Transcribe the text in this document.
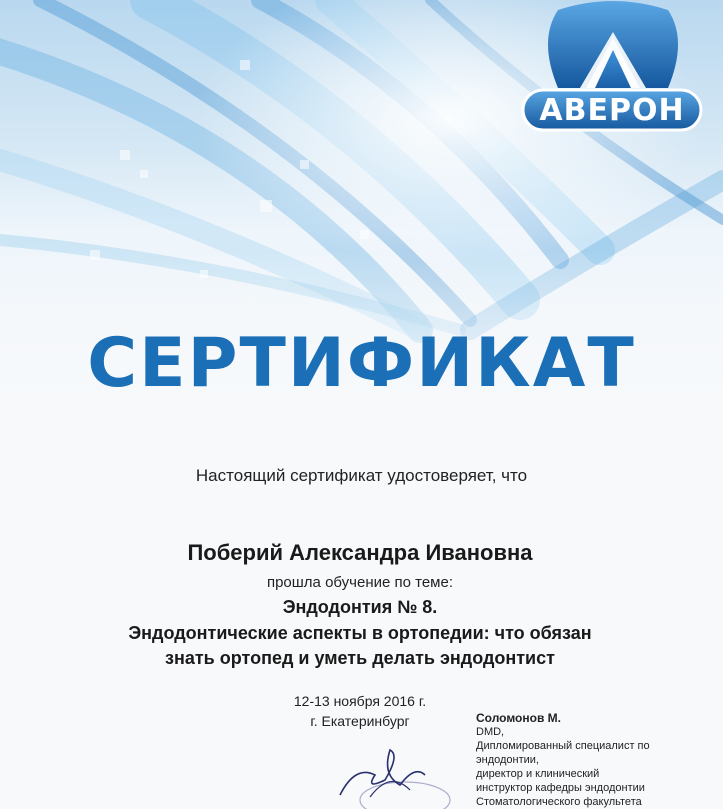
АВЕРОН
СЕРТИФИКАТ
Настоящий сертификат удостоверяет, что
Поберий Александра Ивановна
прошла обучение по теме:
Эндодонтия № 8.
Эндодонтические аспекты в ортопедии: что обязан знать ортопед и уметь делать эндодонтист
12-13 ноября 2016 г.
г. Екатеринбург	Соломонов М.
DMD,
Дипломированный специалист по
эндодонтии,
директор и клинический
инструктор кафедры эндодонтии
Стоматологического факультета
